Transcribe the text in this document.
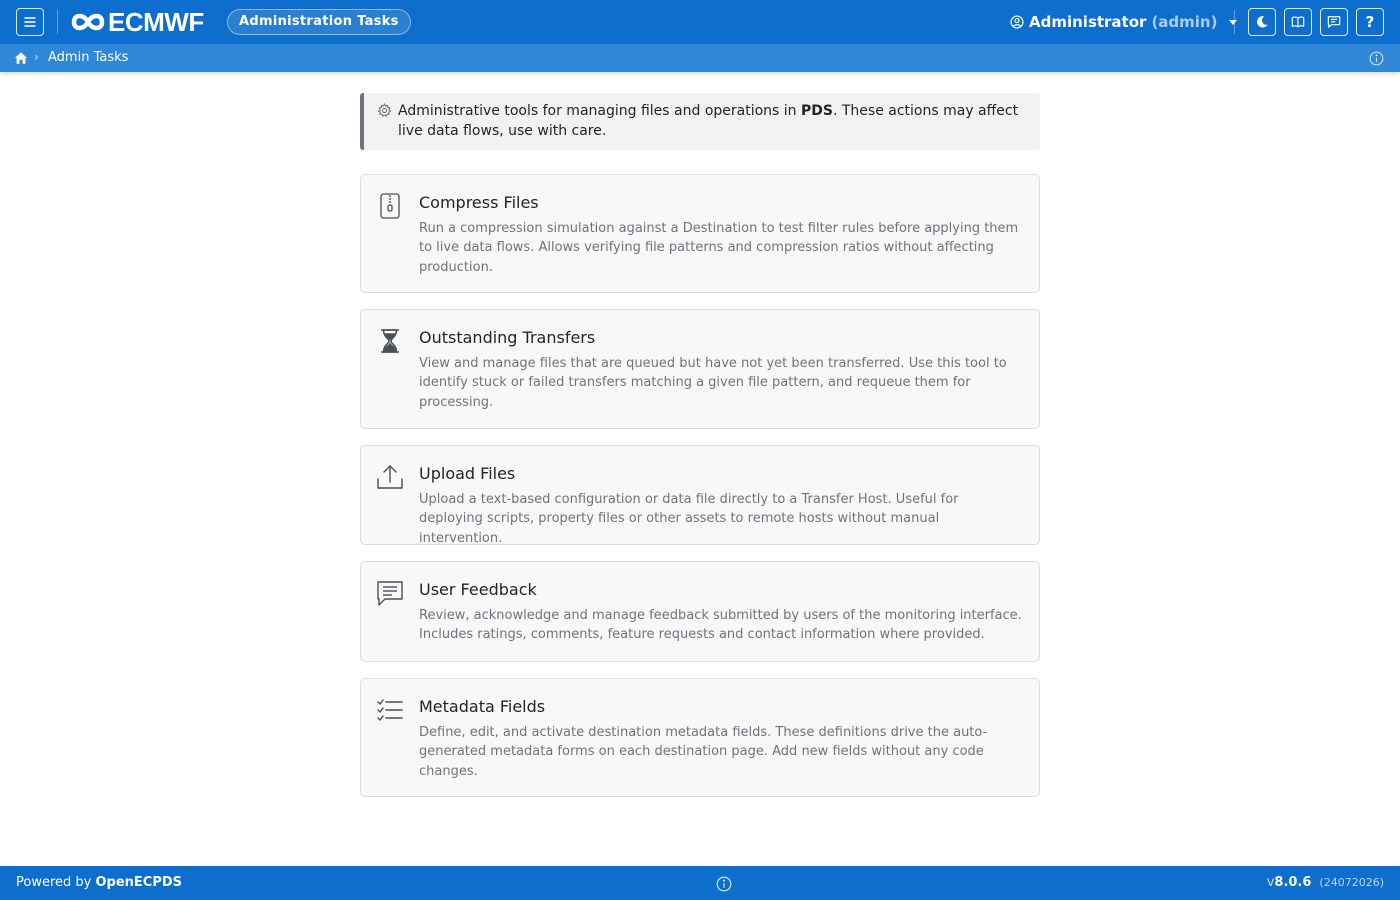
ECMWF	Administration Tasks	Administrator (admin)	?
› Admin Tasks
Administrative tools for managing files and operations in PDS. These actions may affect live data flows, use with care.
Compress Files
Run a compression simulation against a Destination to test filter rules before applying them to live data flows. Allows verifying file patterns and compression ratios without affecting production.
Outstanding Transfers
View and manage files that are queued but have not yet been transferred. Use this tool to identify stuck or failed transfers matching a given file pattern, and requeue them for processing.
Upload Files
Upload a text-based configuration or data file directly to a Transfer Host. Useful for deploying scripts, property files or other assets to remote hosts without manual intervention.
User Feedback
Review, acknowledge and manage feedback submitted by users of the monitoring interface. Includes ratings, comments, feature requests and contact information where provided.
Metadata Fields
Define, edit, and activate destination metadata fields. These definitions drive the auto-generated metadata forms on each destination page. Add new fields without any code changes.
Powered by OpenECPDS	v 8.0.6 (24072026)
